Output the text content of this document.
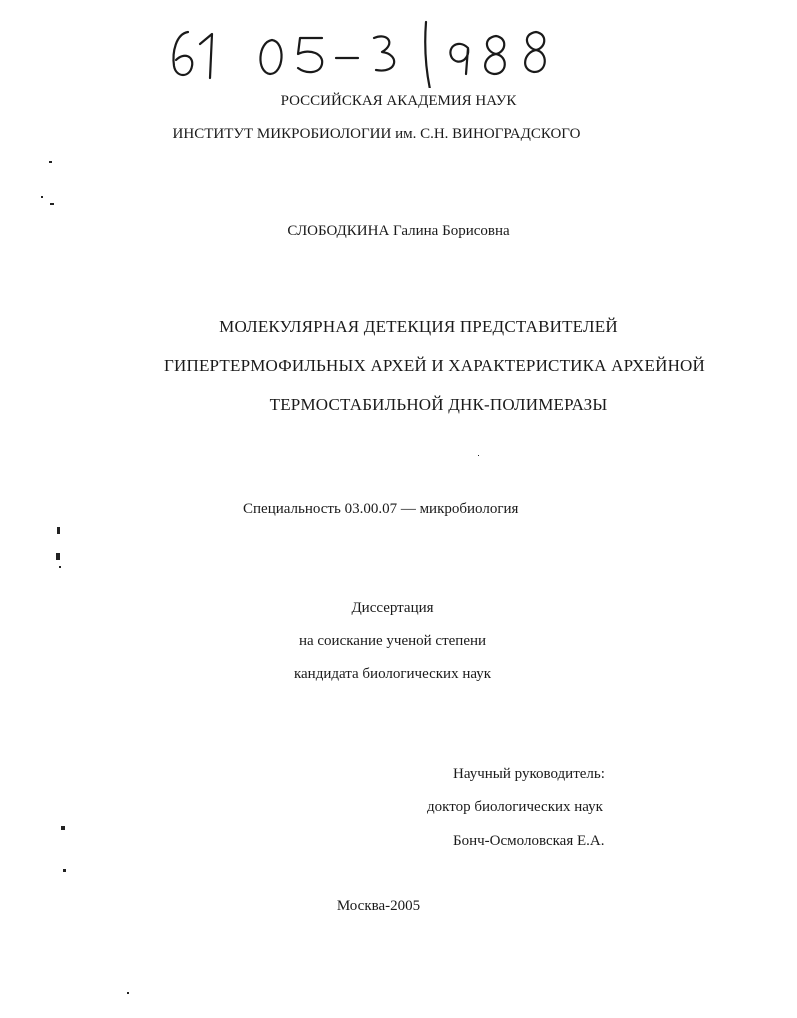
РОССИЙСКАЯ АКАДЕМИЯ НАУК
ИНСТИТУТ МИКРОБИОЛОГИИ им. С.Н. ВИНОГРАДСКОГО
СЛОБОДКИНА Галина Борисовна
МОЛЕКУЛЯРНАЯ ДЕТЕКЦИЯ ПРЕДСТАВИТЕЛЕЙ
ГИПЕРТЕРМОФИЛЬНЫХ АРХЕЙ И ХАРАКТЕРИСТИКА АРХЕЙНОЙ
ТЕРМОСТАБИЛЬНОЙ ДНК-ПОЛИМЕРАЗЫ
Специальность 03.00.07 — микробиология
Диссертация
на соискание ученой степени
кандидата биологических наук
Научный руководитель:
доктор биологических наук
Бонч-Осмоловская Е.А.
Москва-2005
